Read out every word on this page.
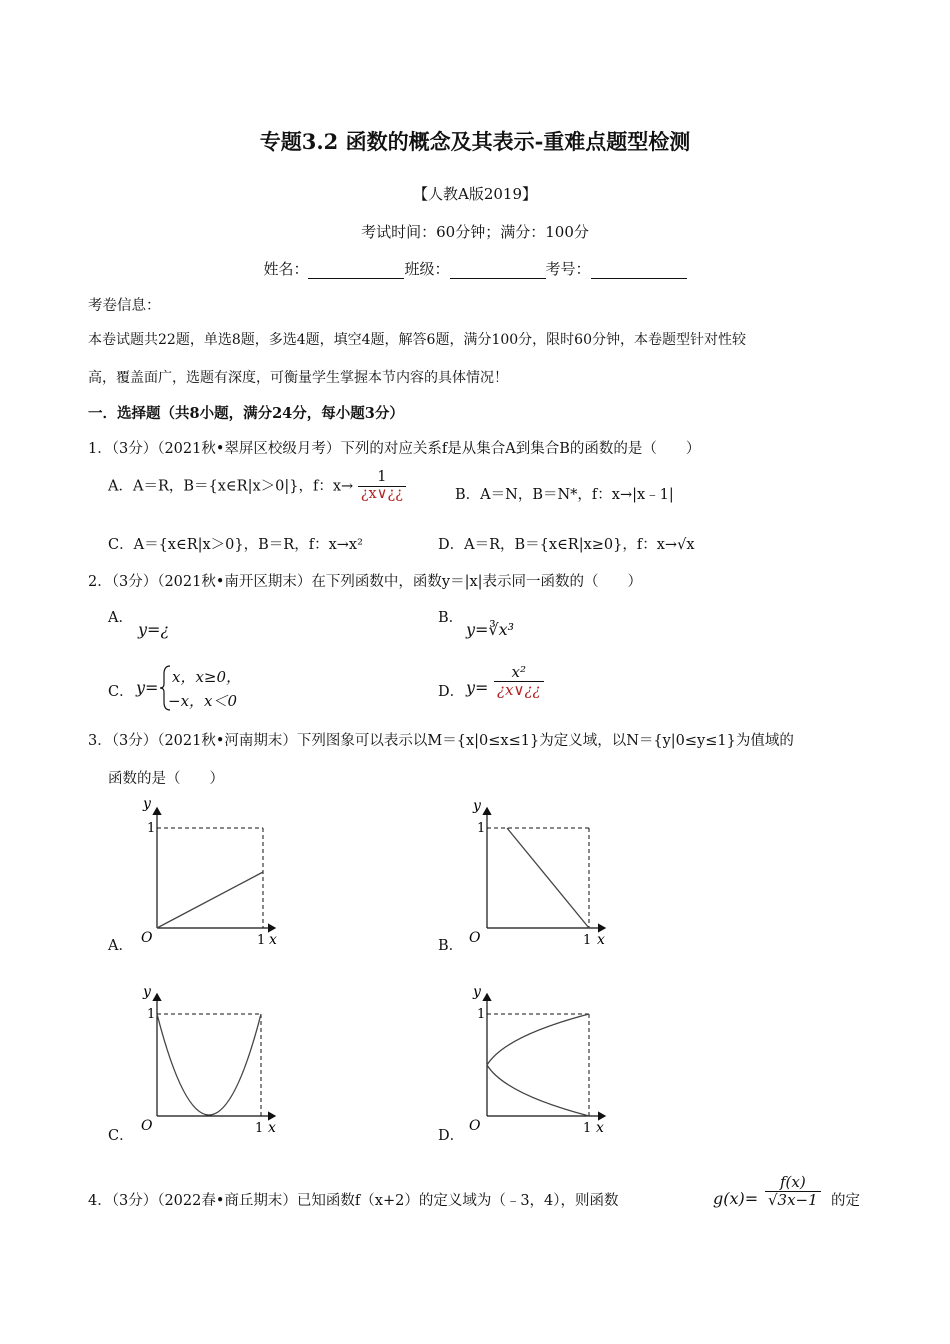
专题3.2 函数的概念及其表示-重难点题型检测
【人教A版2019】
考试时间：60分钟；满分：100分
姓名：	班级：	考号：
考卷信息：
本卷试题共22题，单选8题，多选4题，填空4题，解答6题，满分100分，限时60分钟，本卷题型针对性较
高，覆盖面广，选题有深度，可衡量学生掌握本节内容的具体情况！
一．选择题（共8小题，满分24分，每小题3分）
1．（3分）（2021秋•翠屏区校级月考）下列的对应关系f是从集合A到集合B的函数的是（　　）
A．A＝R，B＝{x∈R|x＞0|}，f：$x\to \frac{1}{¿x\vee¿¿}$	B．A＝N，B＝N*，f：x→|x﹣1|
C．A＝{x∈R|x＞0}，B＝R，f：x→x²	D．A＝R，B＝{x∈R|x≥0}，f：x→√x
2．（3分）（2021秋•南开区期末）在下列函数中，函数y＝|x|表示同一函数的（　　）
A．
y=¿
B．
y=∛x³
C． y=
x，x≥0，
−x，x＜0	D． $y= \frac{\text{x²}}{¿x\vee¿¿}$
3．（3分）（2021秋•河南期末）下列图象可以表示以M＝{x|0≤x≤1}为定义域，以N＝{y|0≤y≤1}为值域的
函数的是（　　）
y
1
O	1 x
A．
y
1
O	1 x
B．
y
1
O	1 x
C．
y
1
O	1 x
D．
4．（3分）（2022春•商丘期末）已知函数f（x+2）的定义域为（﹣3，4），则函数	$g(x)= \frac{f(x)}{√3x-1}$ 的定
